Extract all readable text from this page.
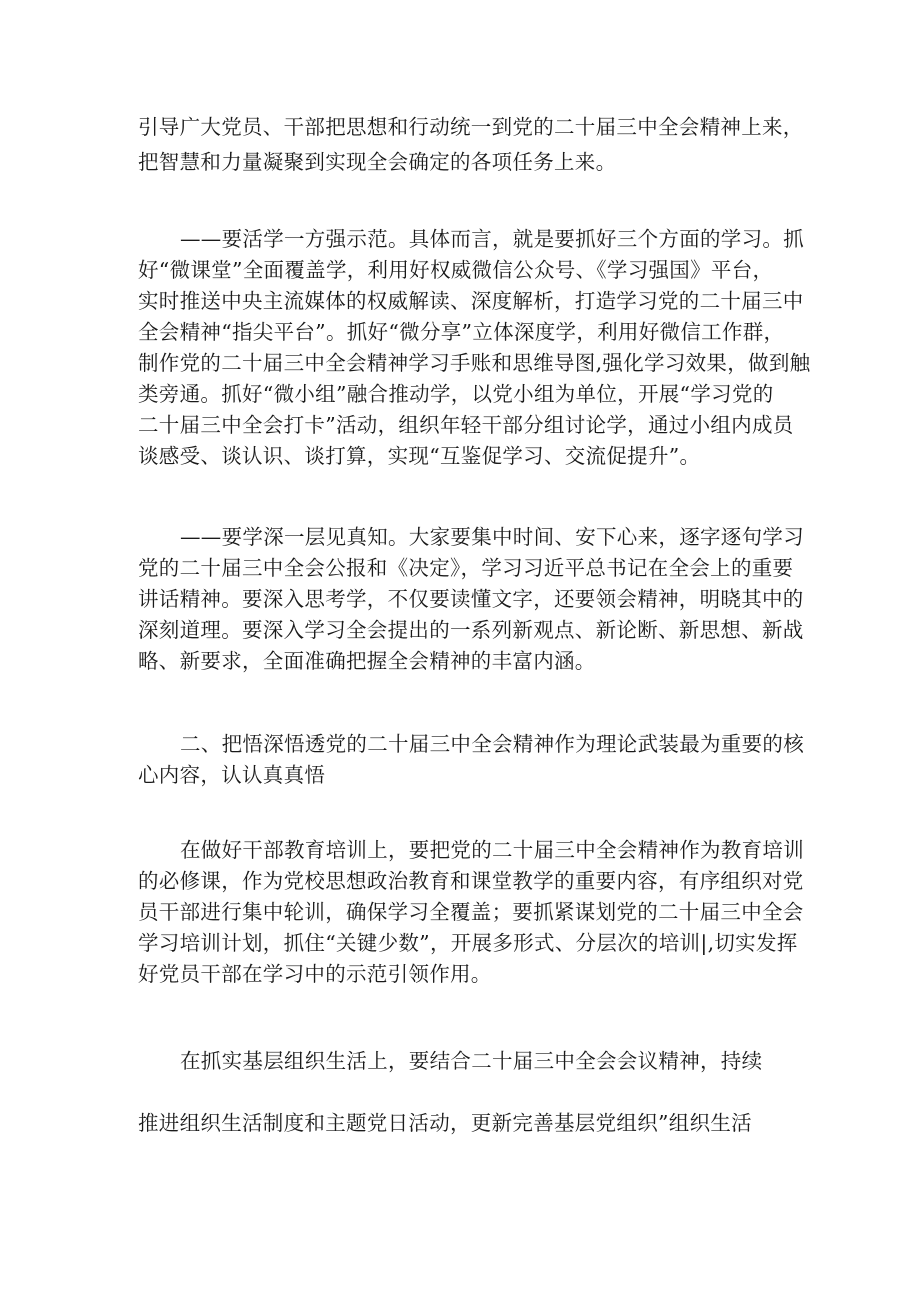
引导广大党员、干部把思想和行动统一到党的二十届三中全会精神上来，
把智慧和力量凝聚到实现全会确定的各项任务上来。
——要活学一方强示范。具体而言，就是要抓好三个方面的学习。抓
好“微课堂”全面覆盖学，利用好权威微信公众号、《学习强国》平台，
实时推送中央主流媒体的权威解读、深度解析，打造学习党的二十届三中
全会精神“指尖平台”。抓好“微分享”立体深度学，利用好微信工作群，
制作党的二十届三中全会精神学习手账和思维导图,强化学习效果，做到触
类旁通。抓好“微小组”融合推动学，以党小组为单位，开展“学习党的
二十届三中全会打卡”活动，组织年轻干部分组讨论学，通过小组内成员
谈感受、谈认识、谈打算，实现“互鉴促学习、交流促提升”。
——要学深一层见真知。大家要集中时间、安下心来，逐字逐句学习
党的二十届三中全会公报和《决定》，学习习近平总书记在全会上的重要
讲话精神。要深入思考学，不仅要读懂文字，还要领会精神，明晓其中的
深刻道理。要深入学习全会提出的一系列新观点、新论断、新思想、新战
略、新要求，全面准确把握全会精神的丰富内涵。
二、把悟深悟透党的二十届三中全会精神作为理论武装最为重要的核
心内容，认认真真悟
在做好干部教育培训上，要把党的二十届三中全会精神作为教育培训
的必修课，作为党校思想政治教育和课堂教学的重要内容，有序组织对党
员干部进行集中轮训，确保学习全覆盖；要抓紧谋划党的二十届三中全会
学习培训计划，抓住“关键少数”，开展多形式、分层次的培训|,切实发挥
好党员干部在学习中的示范引领作用。
在抓实基层组织生活上，要结合二十届三中全会会议精神，持续
推进组织生活制度和主题党日活动，更新完善基层党组织”组织生活
